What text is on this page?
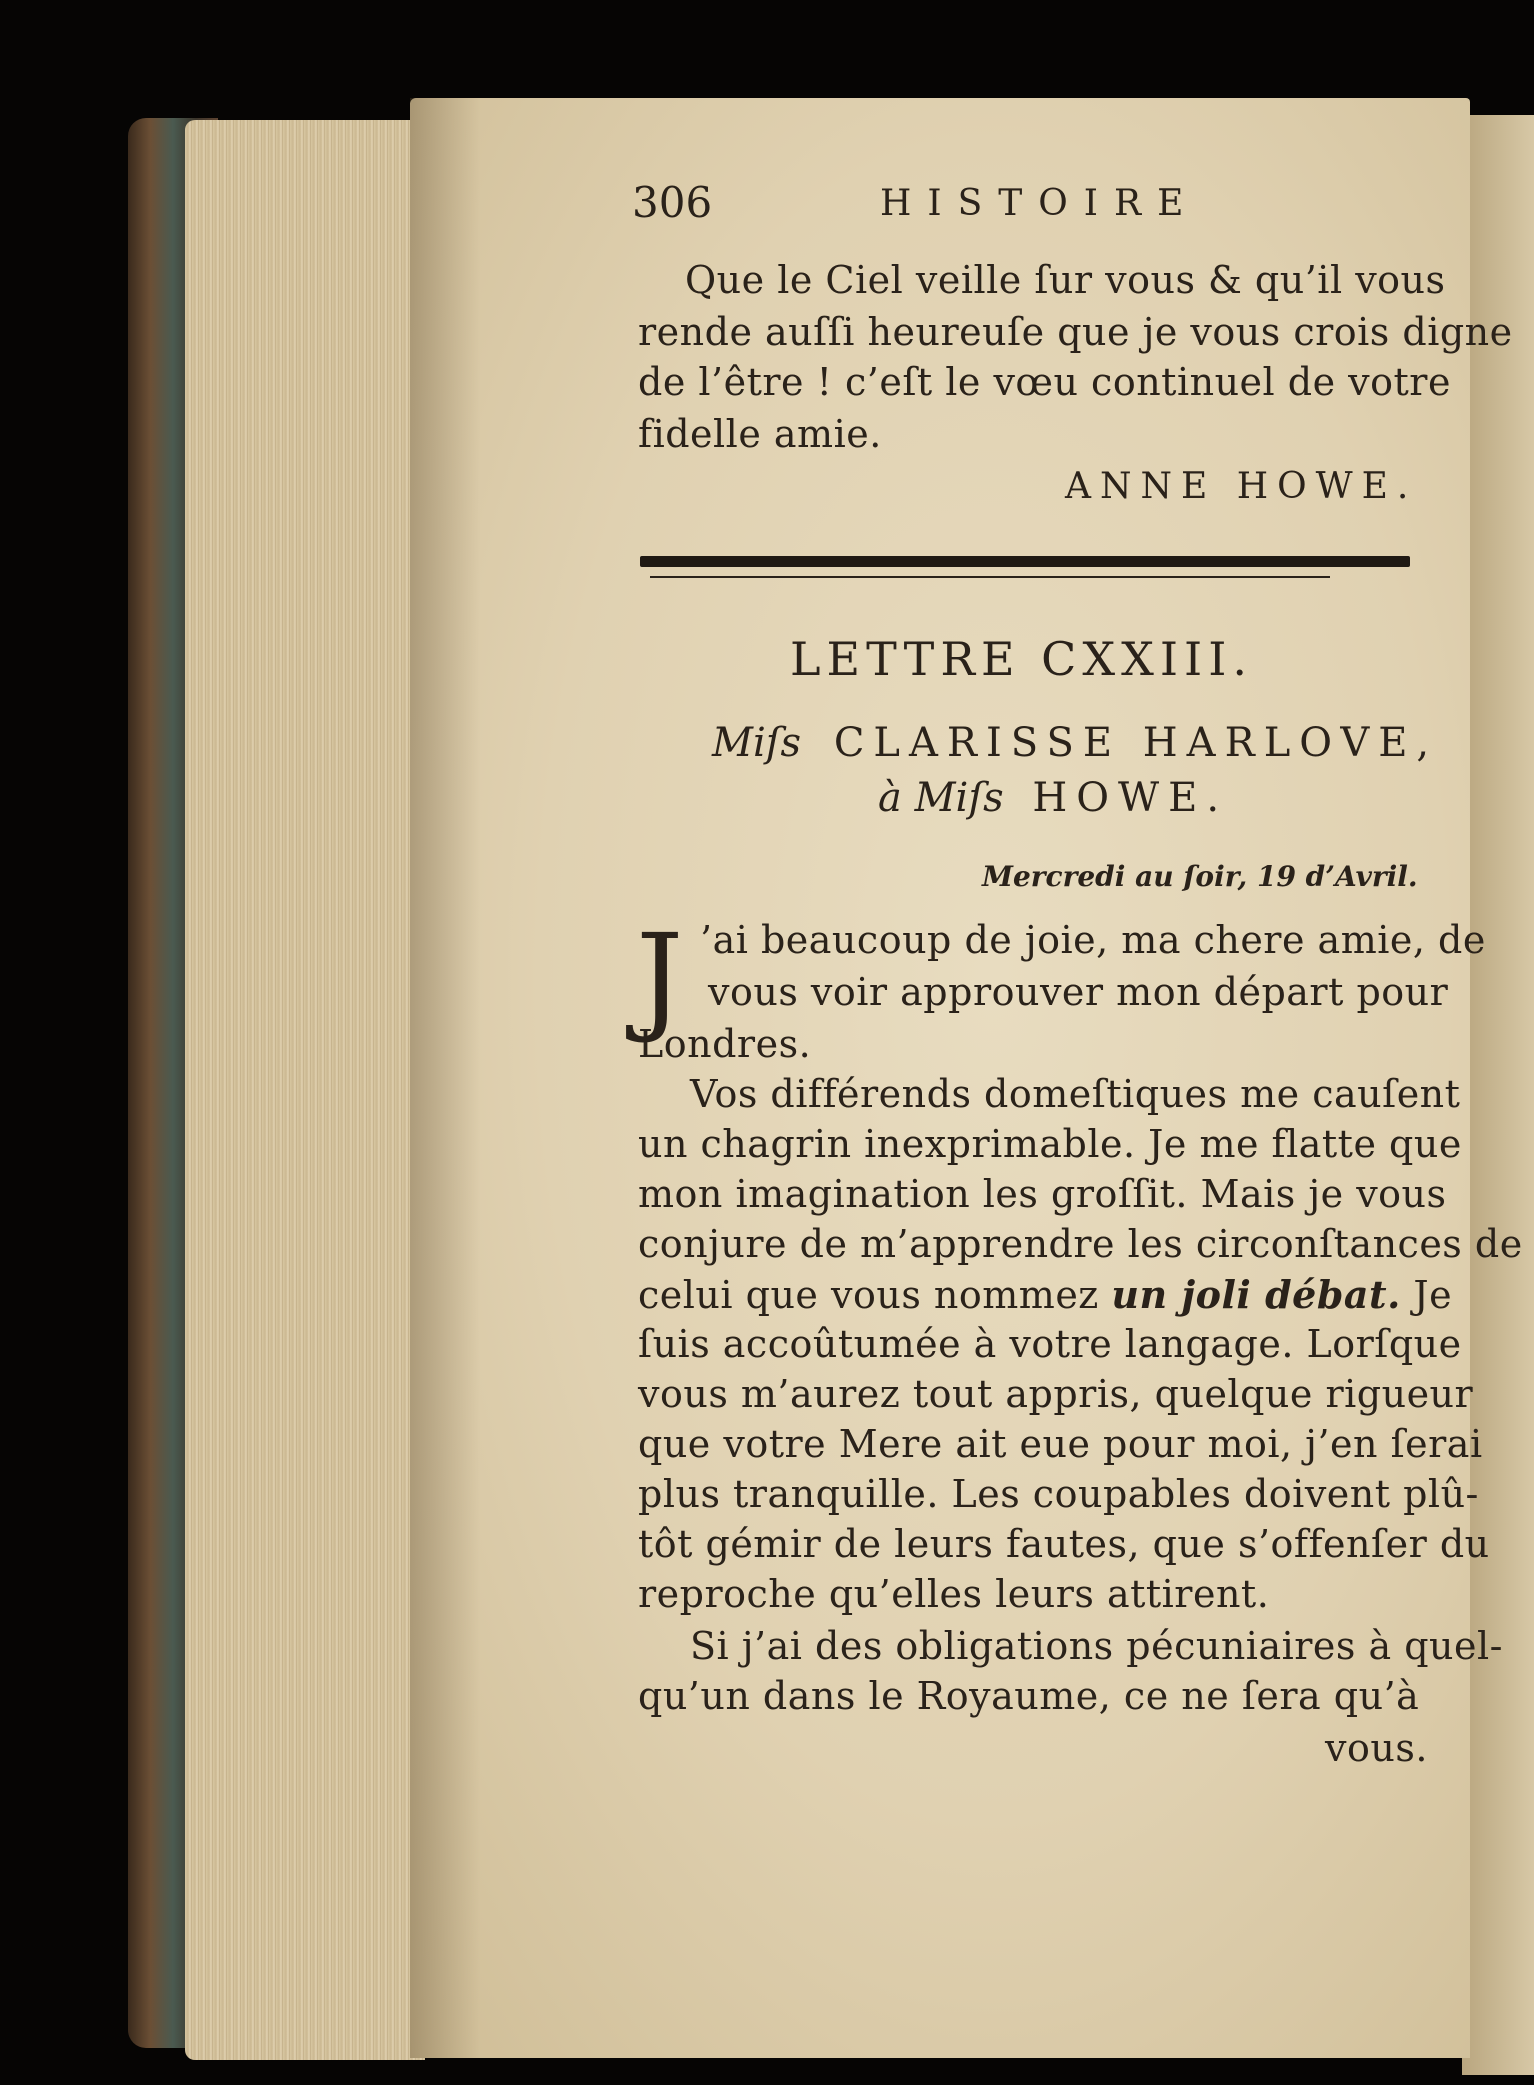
306	HISTOIRE
Que le Ciel veille ſur vous & qu’il vous
rende auſſi heureuſe que je vous crois digne
de l’être ! c’eſt le vœu continuel de votre
fidelle amie.
ANNE HOWE.
LETTRE CXXIII.
Miſs CLARISSE HARLOVE,
à Miſs HOWE.
Mercredi au ſoir, 19 d’Avril.
J ’ai beaucoup de joie, ma chere amie, de
vous voir approuver mon départ pour
Londres.
Vos différends domeſtiques me cauſent
un chagrin inexprimable. Je me flatte que
mon imagination les groſſit. Mais je vous
conjure de m’apprendre les circonſtances de
celui que vous nommez un joli débat. Je
ſuis accoûtumée à votre langage. Lorſque
vous m’aurez tout appris, quelque rigueur
que votre Mere ait eue pour moi, j’en ſerai
plus tranquille. Les coupables doivent plû-
tôt gémir de leurs fautes, que s’offenſer du
reproche qu’elles leurs attirent.
Si j’ai des obligations pécuniaires à quel-
qu’un dans le Royaume, ce ne ſera qu’à
vous.
